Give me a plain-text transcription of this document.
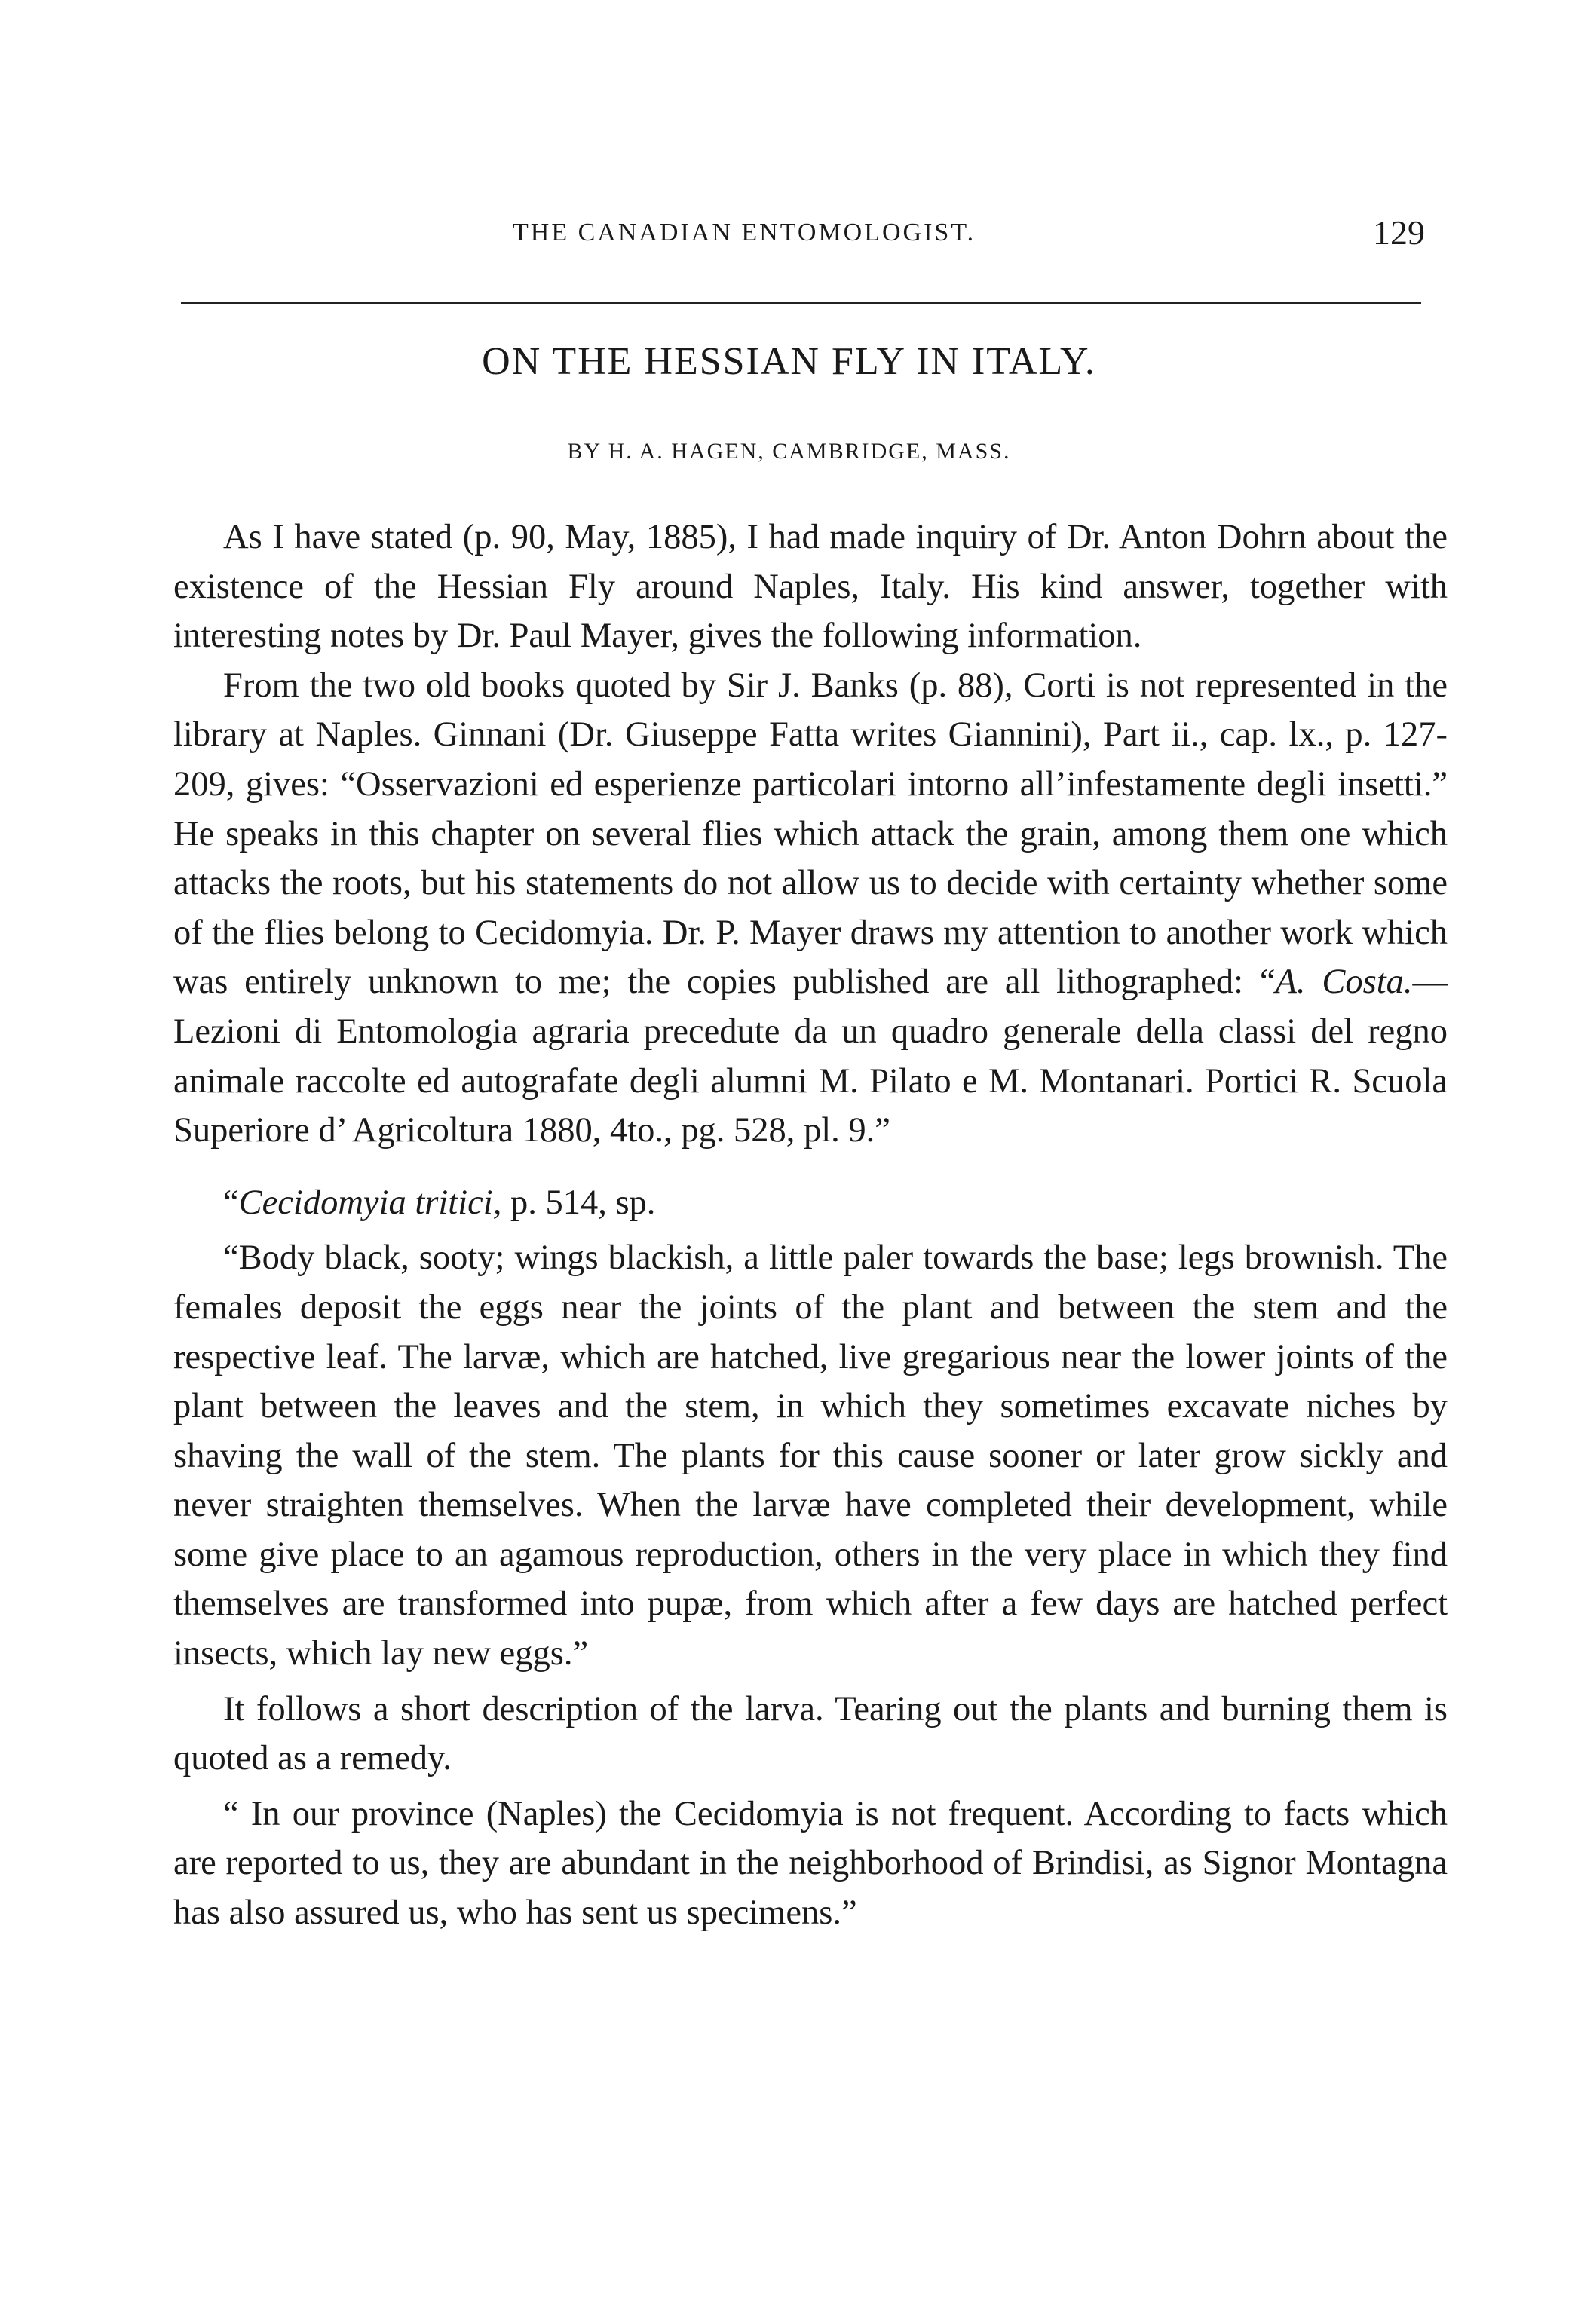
THE CANADIAN ENTOMOLOGIST.	129
ON THE HESSIAN FLY IN ITALY.
BY H. A. HAGEN, CAMBRIDGE, MASS.

As I have stated (p. 90, May, 1885), I had made inquiry of Dr. Anton Dohrn about the existence of the Hessian Fly around Naples, Italy. His kind answer, together with interesting notes by Dr. Paul Mayer, gives the following information.

From the two old books quoted by Sir J. Banks (p. 88), Corti is not represented in the library at Naples. Ginnani (Dr. Giuseppe Fatta writes Giannini), Part ii., cap. lx., p. 127-209, gives: “Osservazioni ed esperienze particolari intorno all’infestamente degli insetti.” He speaks in this chapter on several flies which attack the grain, among them one which attacks the roots, but his statements do not allow us to decide with certainty whether some of the flies belong to Cecidomyia. Dr. P. Mayer draws my attention to another work which was entirely unknown to me; the copies published are all lithographed: “A. Costa.—Lezioni di Entomologia agraria precedute da un quadro generale della classi del regno animale raccolte ed autografate degli alumni M. Pilato e M. Montanari. Portici R. Scuola Superiore d’ Agricoltura 1880, 4to., pg. 528, pl. 9.”

“Cecidomyia tritici, p. 514, sp.

“Body black, sooty; wings blackish, a little paler towards the base; legs brownish. The females deposit the eggs near the joints of the plant and between the stem and the respective leaf. The larvæ, which are hatched, live gregarious near the lower joints of the plant between the leaves and the stem, in which they sometimes excavate niches by shaving the wall of the stem. The plants for this cause sooner or later grow sickly and never straighten themselves. When the larvæ have completed their development, while some give place to an agamous reproduction, others in the very place in which they find themselves are transformed into pupæ, from which after a few days are hatched perfect insects, which lay new eggs.”

It follows a short description of the larva. Tearing out the plants and burning them is quoted as a remedy.

“ In our province (Naples) the Cecidomyia is not frequent. According to facts which are reported to us, they are abundant in the neighborhood of Brindisi, as Signor Montagna has also assured us, who has sent us specimens.”
